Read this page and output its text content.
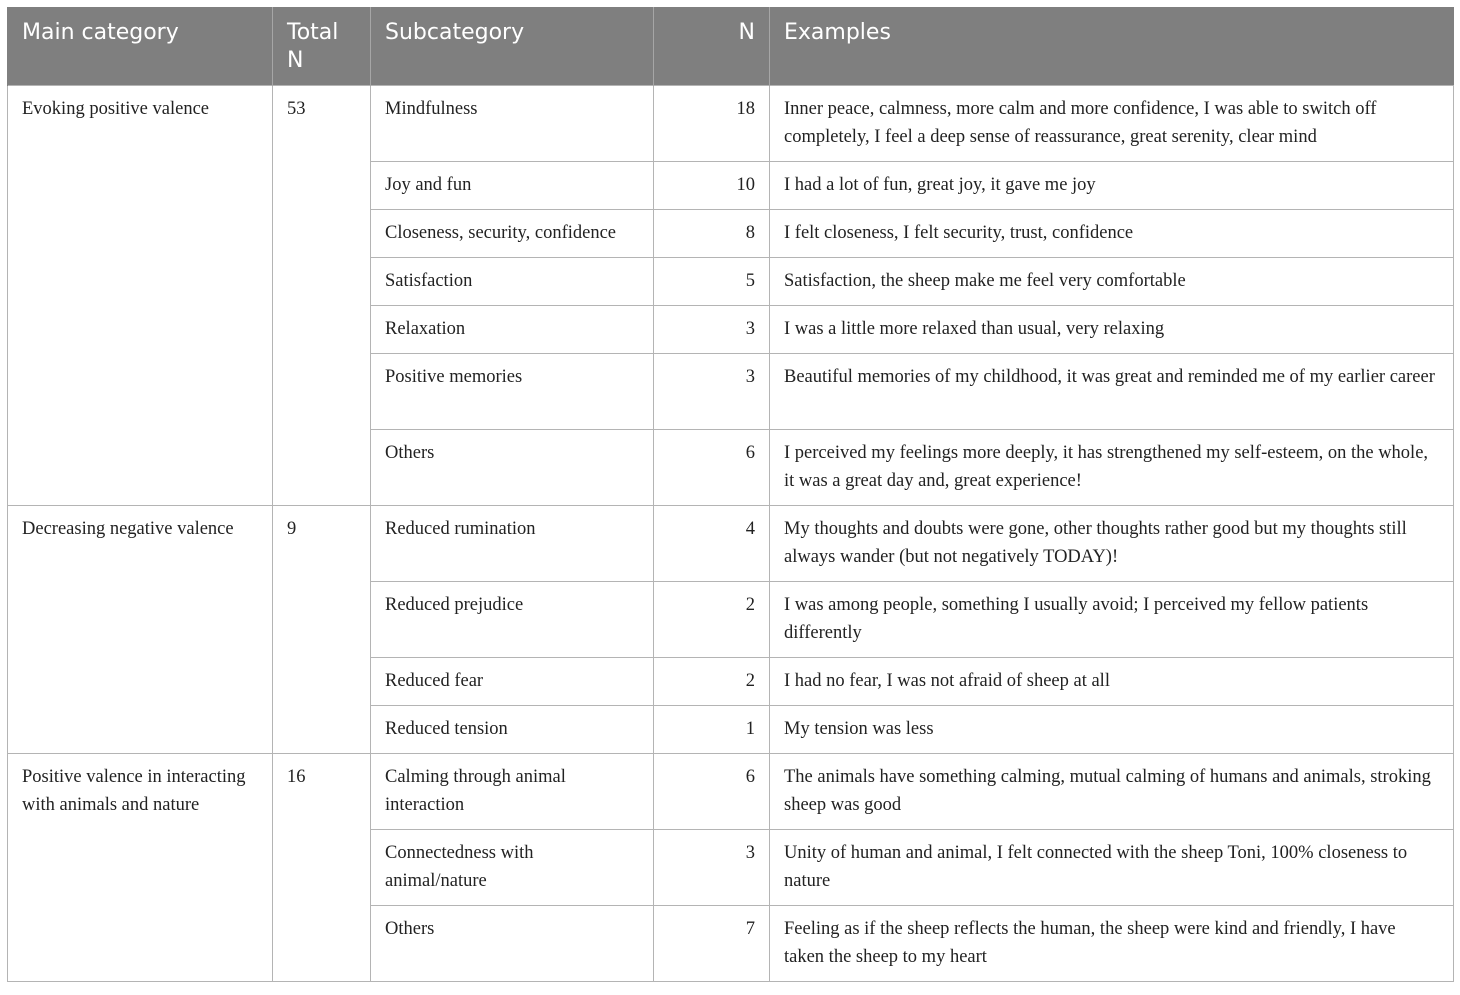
Main category	Total N	Subcategory	N	Examples
Evoking positive valence	53	Mindfulness	18	Inner peace, calmness, more calm and more confidence, I was able to switch off completely, I feel a deep sense of reassurance, great serenity, clear mind
		Joy and fun	10	I had a lot of fun, great joy, it gave me joy
		Closeness, security, confidence	8	I felt closeness, I felt security, trust, confidence
		Satisfaction	5	Satisfaction, the sheep make me feel very comfortable
		Relaxation	3	I was a little more relaxed than usual, very relaxing
		Positive memories	3	Beautiful memories of my childhood, it was great and reminded me of my earlier career
		Others	6	I perceived my feelings more deeply, it has strengthened my self-esteem, on the whole, it was a great day and, great experience!
Decreasing negative valence	9	Reduced rumination	4	My thoughts and doubts were gone, other thoughts rather good but my thoughts still always wander (but not negatively TODAY)!
		Reduced prejudice	2	I was among people, something I usually avoid; I perceived my fellow patients differently
		Reduced fear	2	I had no fear, I was not afraid of sheep at all
		Reduced tension	1	My tension was less
Positive valence in interacting with animals and nature	16	Calming through animal interaction	6	The animals have something calming, mutual calming of humans and animals, stroking sheep was good
		Connectedness with animal/nature	3	Unity of human and animal, I felt connected with the sheep Toni, 100% closeness to nature
		Others	7	Feeling as if the sheep reflects the human, the sheep were kind and friendly, I have taken the sheep to my heart
